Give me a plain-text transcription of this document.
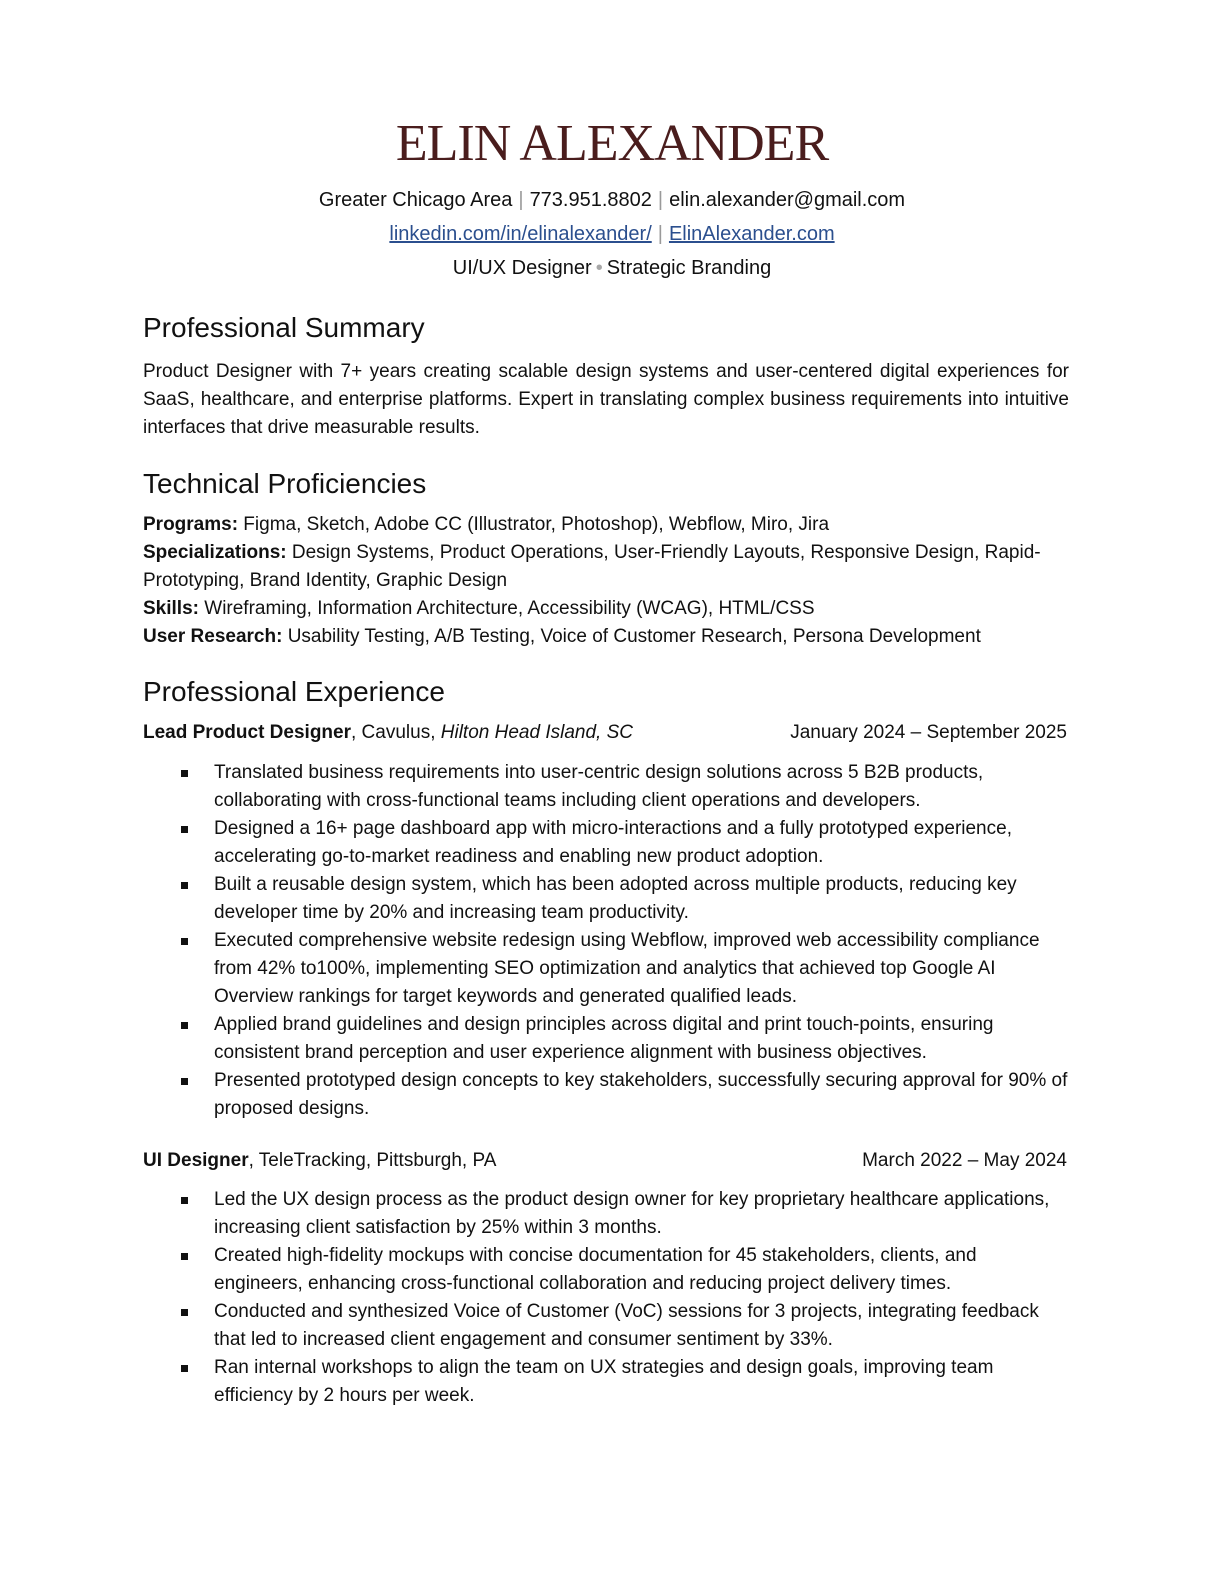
ELIN ALEXANDER
Greater Chicago Area | 773.951.8802 | elin.alexander@gmail.com
linkedin.com/in/elinalexander/ | ElinAlexander.com
UI/UX Designer • Strategic Branding
Professional Summary

Product Designer with 7+ years creating scalable design systems and user-centered digital experiences for SaaS, healthcare, and enterprise platforms. Expert in translating complex business requirements into intuitive interfaces that drive measurable results.

Technical Proficiencies

Programs: Figma, Sketch, Adobe CC (Illustrator, Photoshop), Webflow, Miro, Jira

Specializations: Design Systems, Product Operations, User-Friendly Layouts, Responsive Design, Rapid-Prototyping, Brand Identity, Graphic Design

Skills: Wireframing, Information Architecture, Accessibility (WCAG), HTML/CSS

User Research: Usability Testing, A/B Testing, Voice of Customer Research, Persona Development

Professional Experience
Lead Product Designer, Cavulus, Hilton Head Island, SC	January 2024 – September 2025
Translated business requirements into user-centric design solutions across 5 B2B products, collaborating with cross-functional teams including client operations and developers.
Designed a 16+ page dashboard app with micro-interactions and a fully prototyped experience, accelerating go-to-market readiness and enabling new product adoption.
Built a reusable design system, which has been adopted across multiple products, reducing key developer time by 20% and increasing team productivity.
Executed comprehensive website redesign using Webflow, improved web accessibility compliance from 42% to100%, implementing SEO optimization and analytics that achieved top Google AI Overview rankings for target keywords and generated qualified leads.
Applied brand guidelines and design principles across digital and print touch-points, ensuring consistent brand perception and user experience alignment with business objectives.
Presented prototyped design concepts to key stakeholders, successfully securing approval for 90% of proposed designs.
UI Designer, TeleTracking, Pittsburgh, PA	March 2022 – May 2024
Led the UX design process as the product design owner for key proprietary healthcare applications, increasing client satisfaction by 25% within 3 months.
Created high-fidelity mockups with concise documentation for 45 stakeholders, clients, and engineers, enhancing cross-functional collaboration and reducing project delivery times.
Conducted and synthesized Voice of Customer (VoC) sessions for 3 projects, integrating feedback that led to increased client engagement and consumer sentiment by 33%.
Ran internal workshops to align the team on UX strategies and design goals, improving team efficiency by 2 hours per week.
